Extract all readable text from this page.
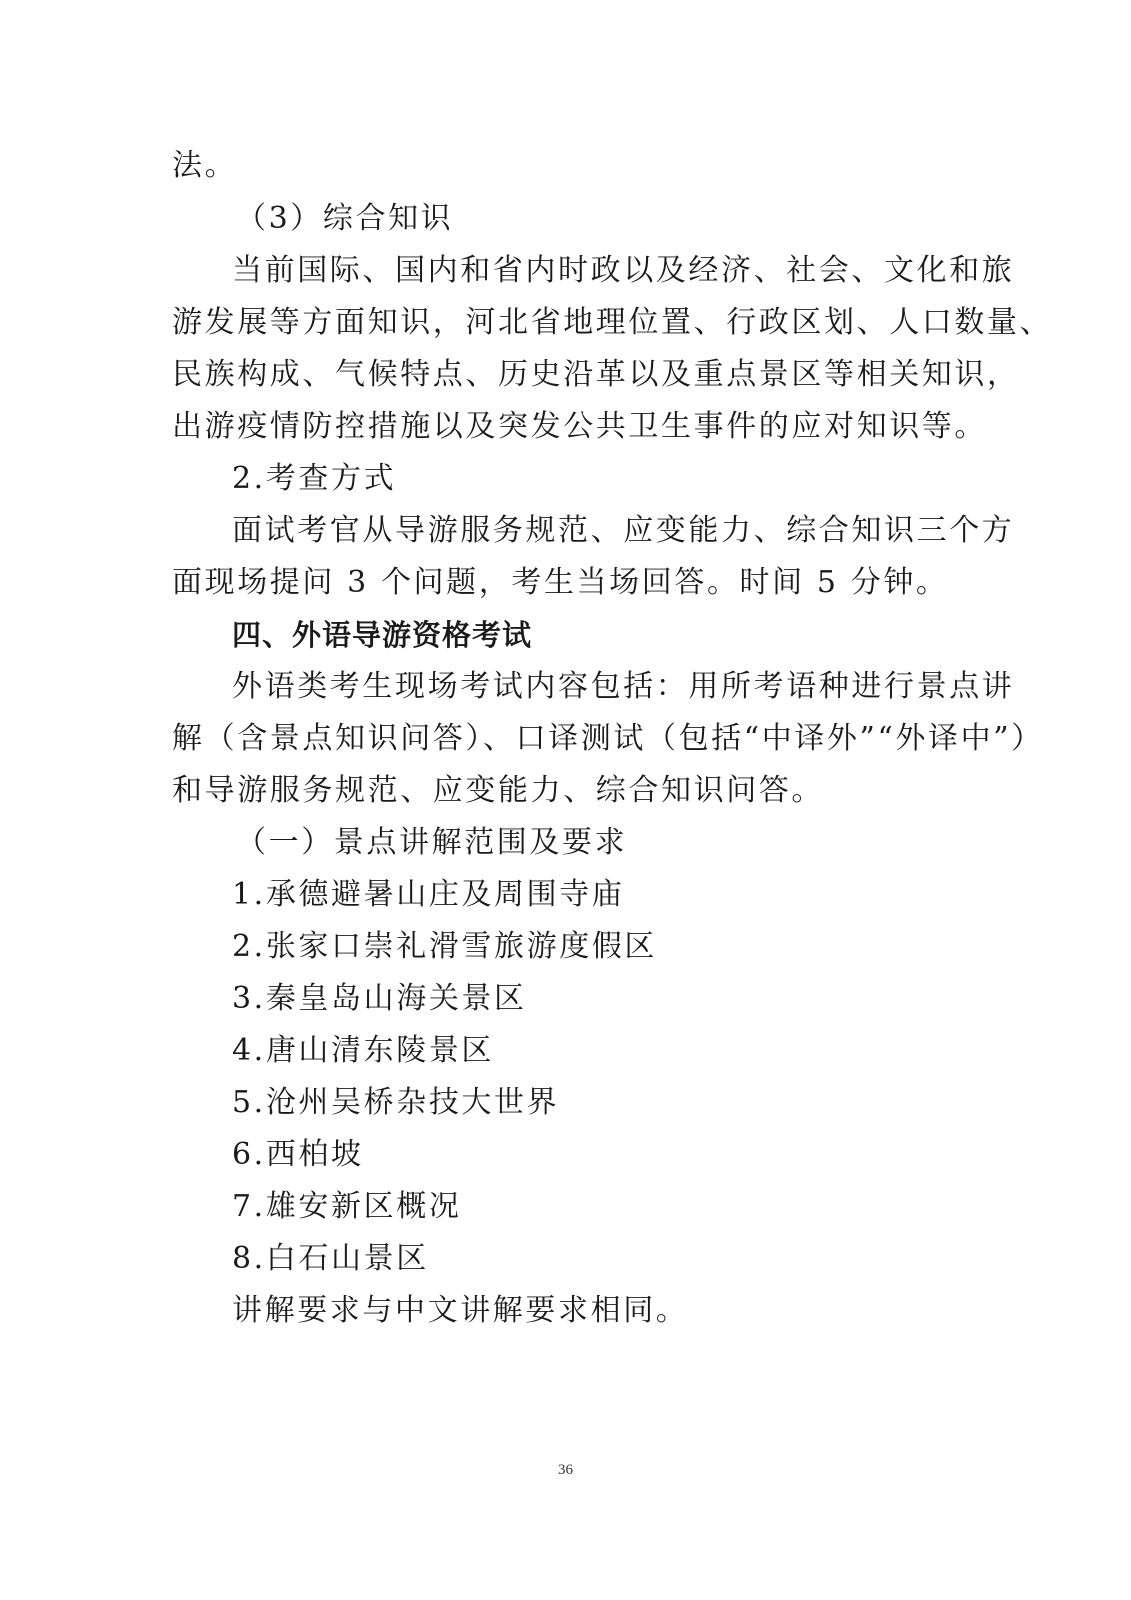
法。
（3）综合知识
当前国际、国内和省内时政以及经济、社会、文化和旅
游发展等方面知识，河北省地理位置、行政区划、人口数量、
民族构成、气候特点、历史沿革以及重点景区等相关知识，
出游疫情防控措施以及突发公共卫生事件的应对知识等。
2.考查方式
面试考官从导游服务规范、应变能力、综合知识三个方
面现场提问 3 个问题，考生当场回答。时间 5 分钟。
四、外语导游资格考试
外语类考生现场考试内容包括：用所考语种进行景点讲
解（含景点知识问答）、口译测试（包括“中译外”“外译中”）
和导游服务规范、应变能力、综合知识问答。
（一）景点讲解范围及要求
1.承德避暑山庄及周围寺庙
2.张家口崇礼滑雪旅游度假区
3.秦皇岛山海关景区
4.唐山清东陵景区
5.沧州吴桥杂技大世界
6.西柏坡
7.雄安新区概况
8.白石山景区
讲解要求与中文讲解要求相同。
36
